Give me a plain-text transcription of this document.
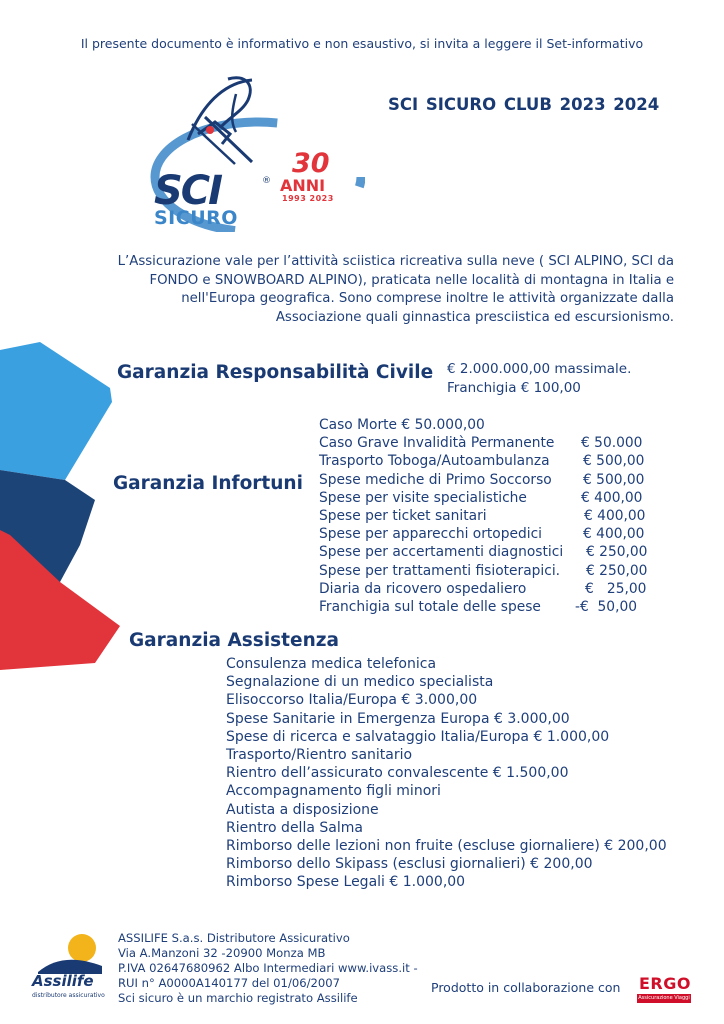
Il presente documento è informativo e non esaustivo, si invita a leggere il Set-informativo
SCI	®
SICURO
30
ANNI
1993 2023
SCI SICURO CLUB 2023 2024
L’Assicurazione vale per l’attività sciistica ricreativa sulla neve ( SCI ALPINO, SCI da
FONDO e SNOWBOARD ALPINO), praticata nelle località di montagna in Italia e
nell'Europa geografica. Sono comprese inoltre le attività organizzate dalla
Associazione quali ginnastica presciistica ed escursionismo.
Garanzia Responsabilità Civile € 2.000.000,00 massimale.
Franchigia € 100,00
Garanzia Infortuni
Caso Morte € 50.000,00
Caso Grave Invalidità Permanente € 50.000
Trasporto Toboga/Autoambulanza € 500,00
Spese mediche di Primo Soccorso € 500,00
Spese per visite specialistiche	€ 400,00
Spese per ticket sanitari	€ 400,00
Spese per apparecchi ortopedici	€ 400,00
Spese per accertamenti diagnostici € 250,00
Spese per trattamenti fisioterapici. € 250,00
Diaria da ricovero ospedaliero	€   25,00
Franchigia sul totale delle spese -€  50,00
Garanzia Assistenza
Consulenza medica telefonica
Segnalazione di un medico specialista
Elisoccorso Italia/Europa € 3.000,00
Spese Sanitarie in Emergenza Europa € 3.000,00
Spese di ricerca e salvataggio Italia/Europa € 1.000,00
Trasporto/Rientro sanitario
Rientro dell’assicurato convalescente € 1.500,00
Accompagnamento figli minori
Autista a disposizione
Rientro della Salma
Rimborso delle lezioni non fruite (escluse giornaliere) € 200,00
Rimborso dello Skipass (esclusi giornalieri) € 200,00
Rimborso Spese Legali € 1.000,00
Assilife
distributore assicurativo
ASSILIFE S.a.s. Distributore Assicurativo
Via A.Manzoni 32 -20900 Monza MB
P.IVA 02647680962 Albo Intermediari www.ivass.it -
RUI n° A0000A140177 del 01/06/2007
Sci sicuro è un marchio registrato Assilife
Prodotto in collaborazione con ERGO
Assicurazione Viaggi
